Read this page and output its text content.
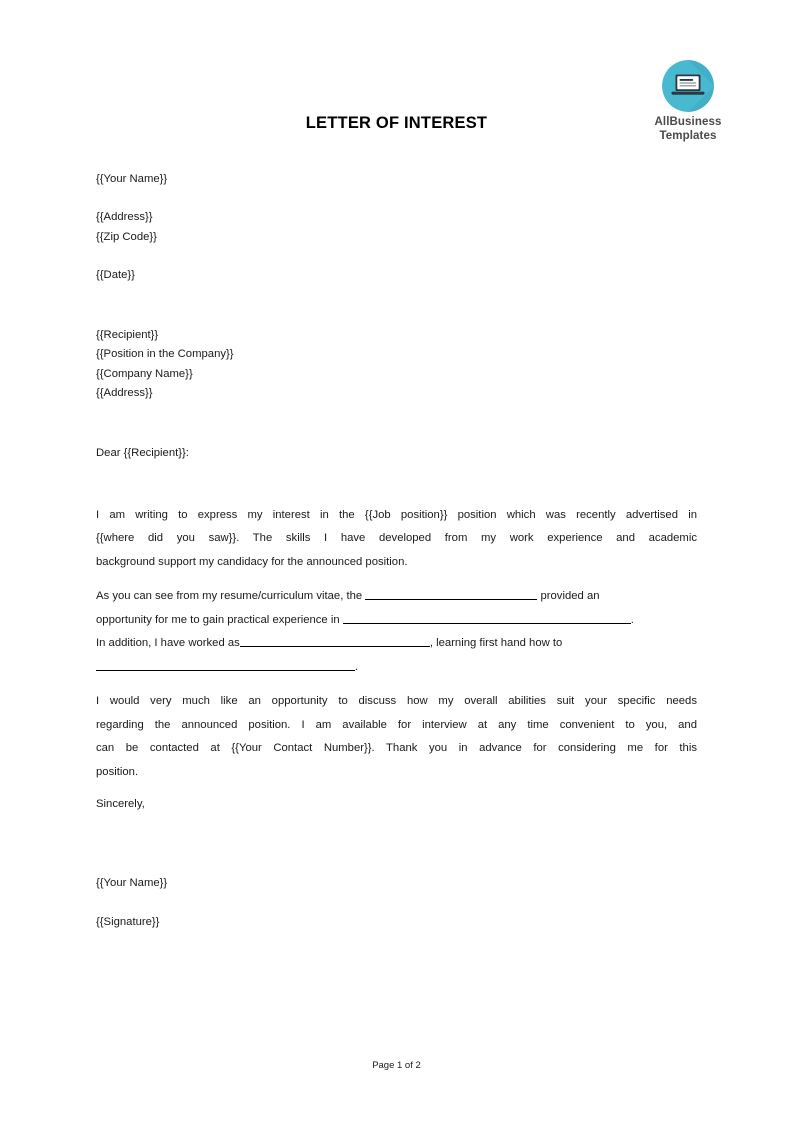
AllBusiness
Templates
LETTER OF INTEREST
{{Your Name}}
{{Address}}
{{Zip Code}}
{{Date}}
{{Recipient}}
{{Position in the Company}}
{{Company Name}}
{{Address}}
Dear {{Recipient}}:
I am writing to express my interest in the {{Job position}} position which was recently advertised in
{{where did you saw}}. The skills I have developed from my work experience and academic
background support my candidacy for the announced position.
As you can see from my resume/curriculum vitae, the	provided an
opportunity for me to gain practical experience in	.
In addition, I have worked as	, learning first hand how to
.
I would very much like an opportunity to discuss how my overall abilities suit your specific needs
regarding the announced position. I am available for interview at any time convenient to you, and
can be contacted at {{Your Contact Number}}. Thank you in advance for considering me for this
position.
Sincerely,
{{Your Name}}
{{Signature}}
Page 1 of 2
